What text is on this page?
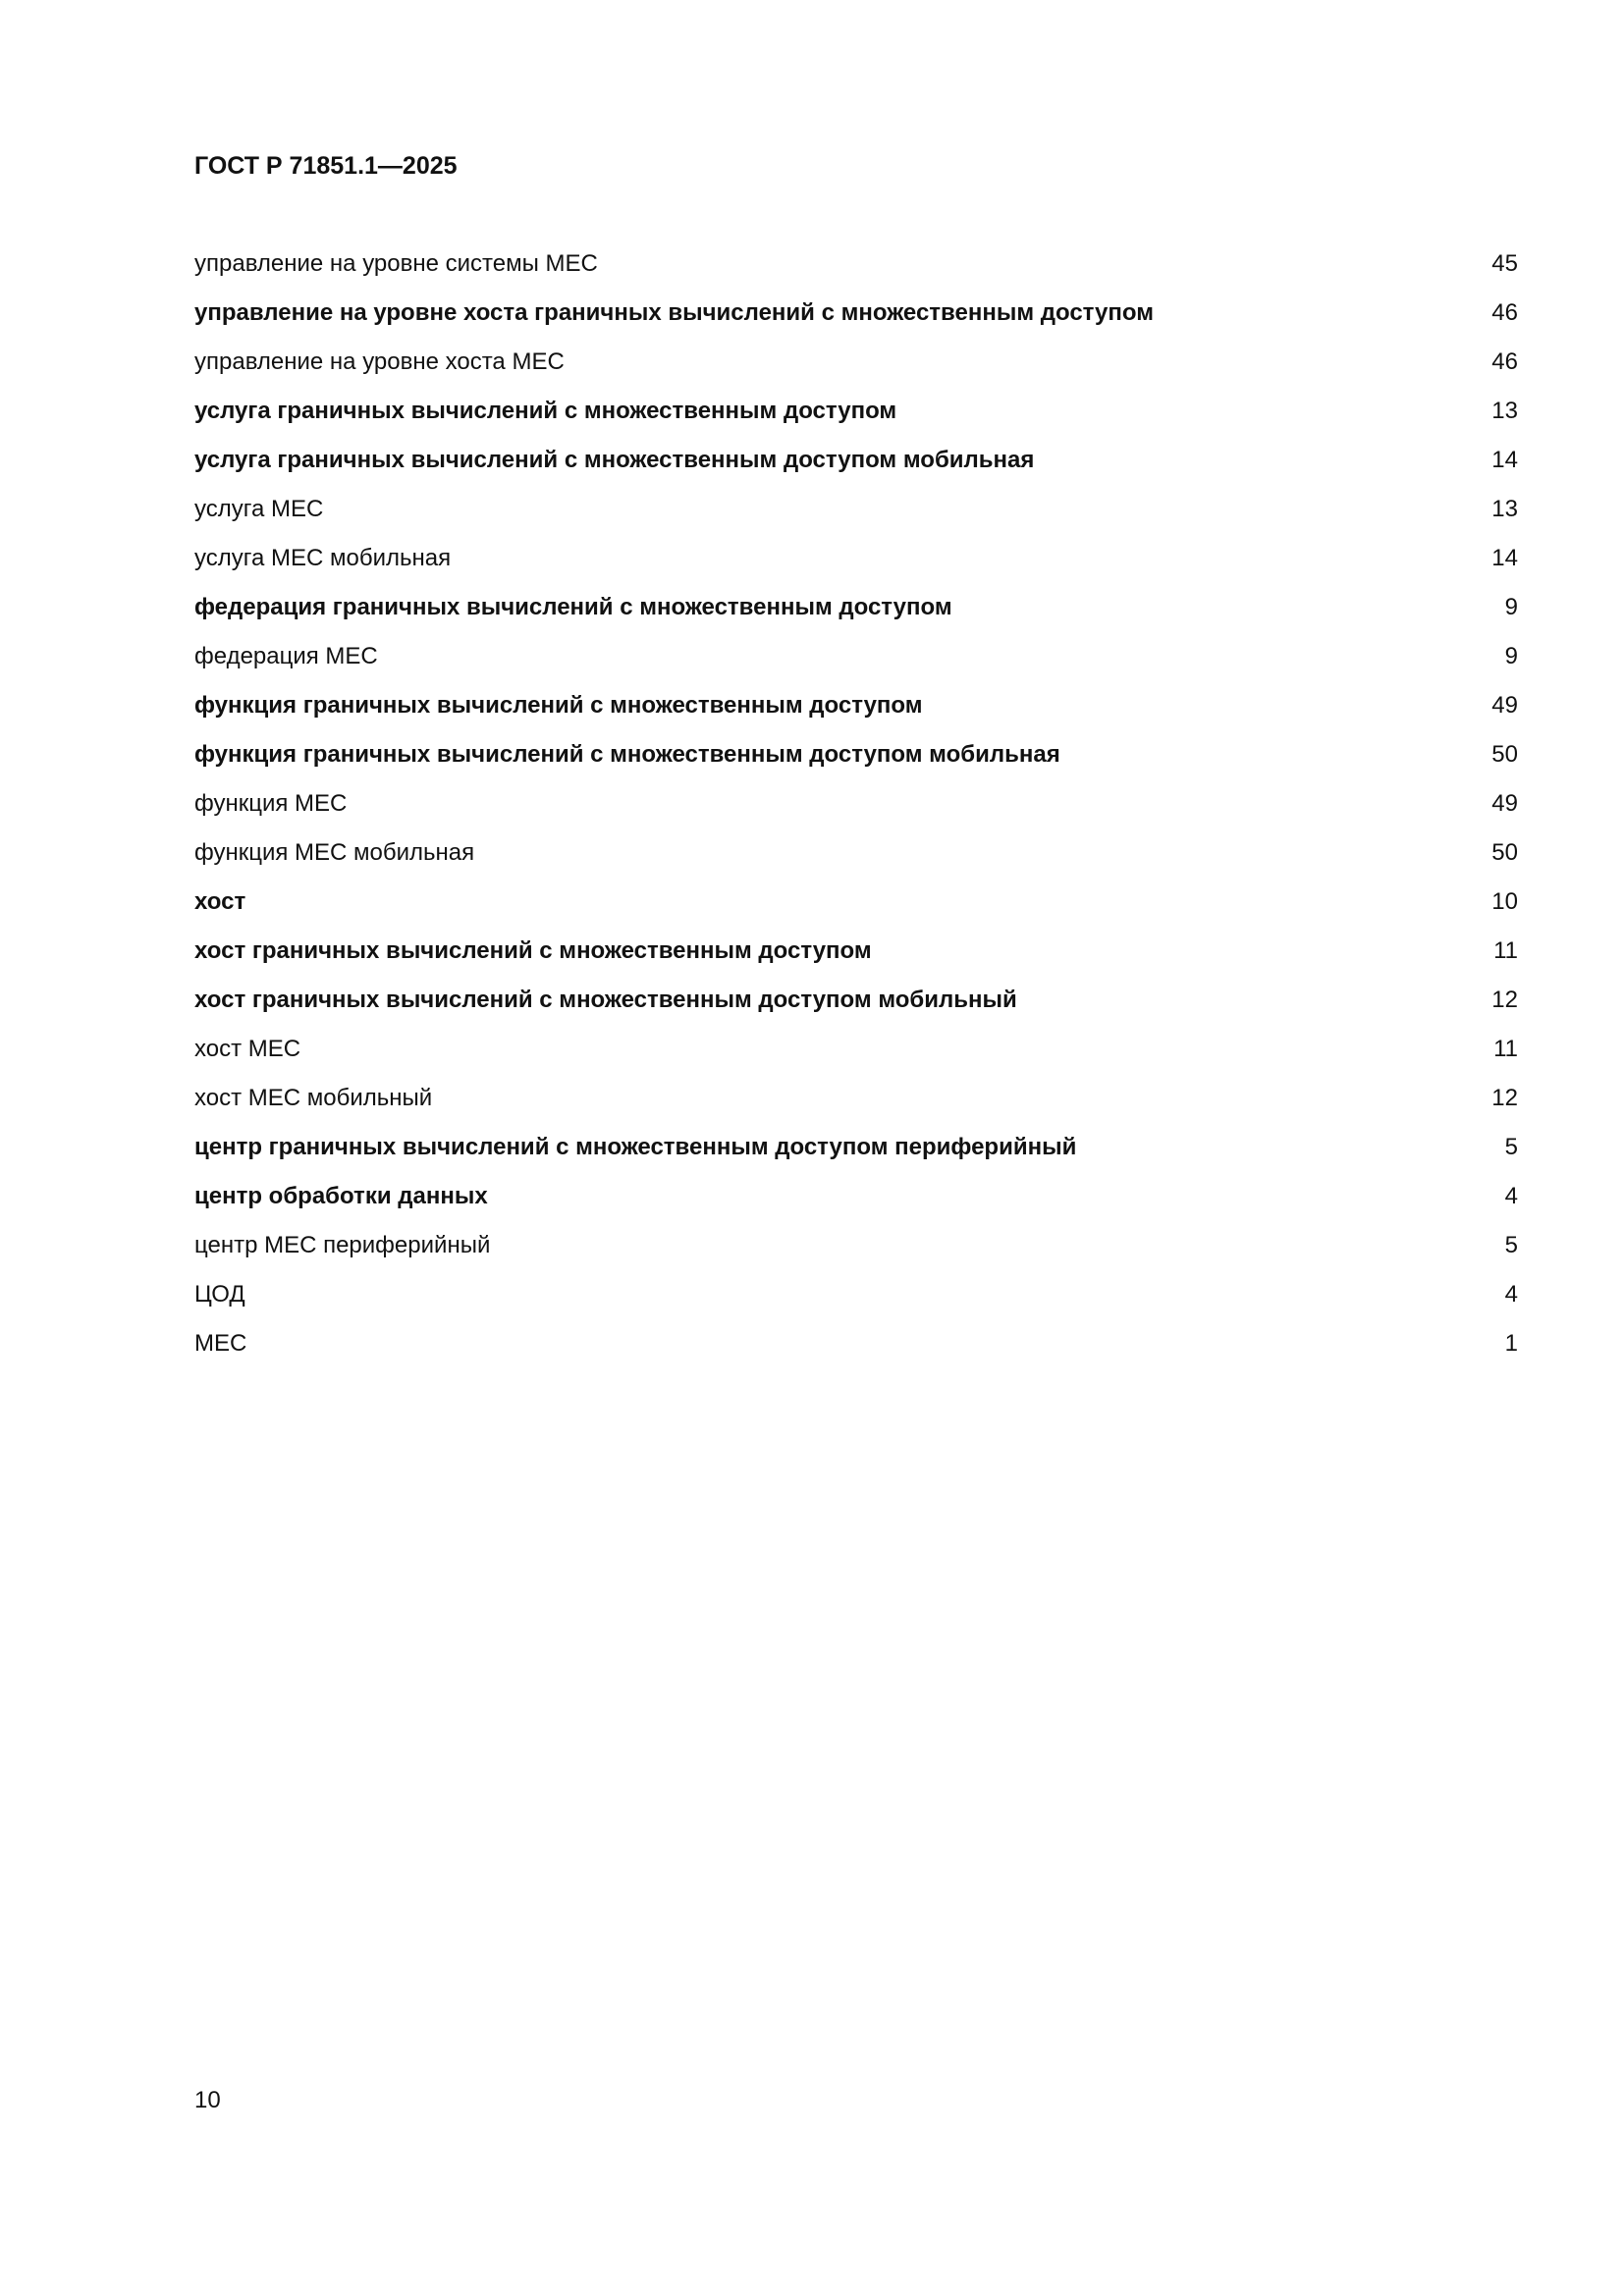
ГОСТ Р 71851.1—2025
управление на уровне системы МЕС	45
управление на уровне хоста граничных вычислений с множественным доступом	46
управление на уровне хоста МЕС	46
услуга граничных вычислений с множественным доступом	13
услуга граничных вычислений с множественным доступом мобильная	14
услуга МЕС	13
услуга МЕС мобильная	14
федерация граничных вычислений с множественным доступом	9
федерация МЕС	9
функция граничных вычислений с множественным доступом	49
функция граничных вычислений с множественным доступом мобильная	50
функция МЕС	49
функция МЕС мобильная	50
хост	10
хост граничных вычислений с множественным доступом	11
хост граничных вычислений с множественным доступом мобильный	12
хост МЕС	11
хост МЕС мобильный	12
центр граничных вычислений с множественным доступом периферийный	5
центр обработки данных	4
центр МЕС периферийный	5
ЦОД	4
МЕС	1
10
